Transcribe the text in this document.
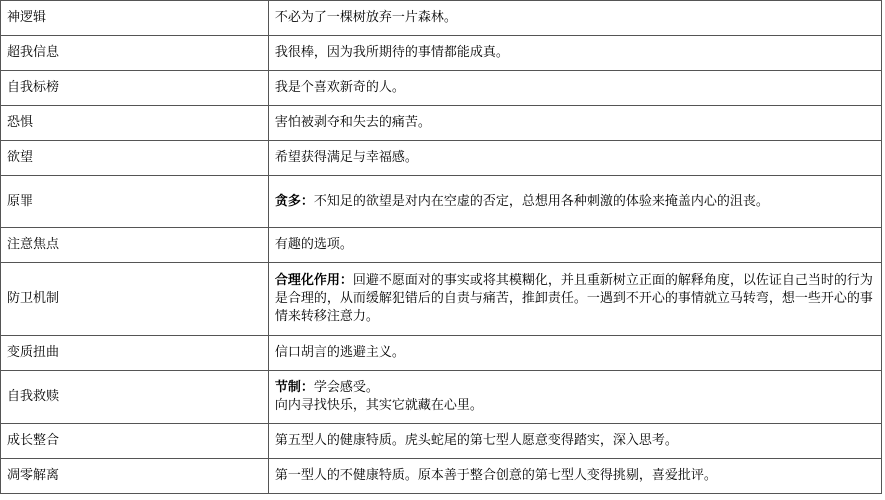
神逻辑	不必为了一棵树放弃一片森林。
超我信息	我很棒，因为我所期待的事情都能成真。
自我标榜	我是个喜欢新奇的人。
恐惧	害怕被剥夺和失去的痛苦。
欲望	希望获得满足与幸福感。
原罪	贪多：不知足的欲望是对内在空虚的否定，总想用各种刺激的体验来掩盖内心的沮丧。
注意焦点	有趣的选项。
防卫机制	合理化作用：回避不愿面对的事实或将其模糊化，并且重新树立正面的解释角度，以佐证自己当时的行为是合理的，从而缓解犯错后的自责与痛苦，推卸责任。一遇到不开心的事情就立马转弯，想一些开心的事情来转移注意力。
变质扭曲	信口胡言的逃避主义。
自我救赎	节制：学会感受。
向内寻找快乐，其实它就藏在心里。

成长整合	第五型人的健康特质。虎头蛇尾的第七型人愿意变得踏实，深入思考。
凋零解离	第一型人的不健康特质。原本善于整合创意的第七型人变得挑剔，喜爱批评。
